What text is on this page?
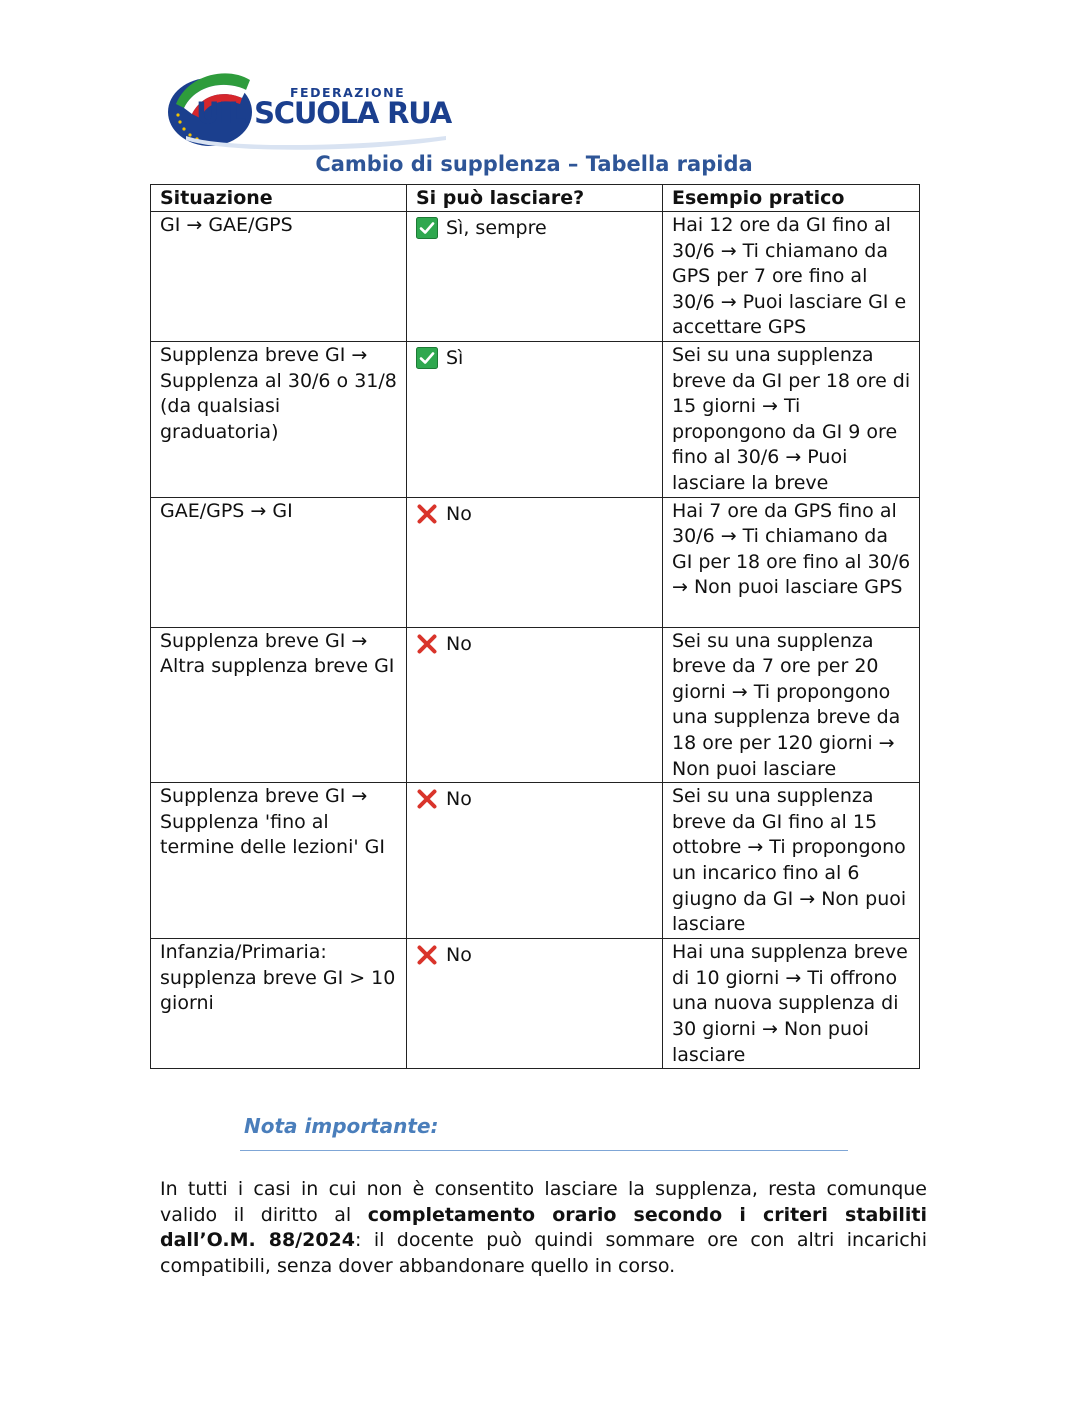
FEDERAZIONE
UIL SCUOLA RUA
Cambio di supplenza – Tabella rapida
Situazione	Si può lasciare?	Esempio pratico
GI → GAE/GPS	Sì, sempre	Hai 12 ore da GI fino al 30/6 → Ti chiamano da GPS per 7 ore fino al 30/6 → Puoi lasciare GI e accettare GPS
Supplenza breve GI → Supplenza al 30/6 o 31/8 (da qualsiasi graduatoria)	Sì	Sei su una supplenza breve da GI per 18 ore di 15 giorni → Ti propongono da GI 9 ore fino al 30/6 → Puoi lasciare la breve
GAE/GPS → GI	No	Hai 7 ore da GPS fino al 30/6 → Ti chiamano da GI per 18 ore fino al 30/6 → Non puoi lasciare GPS
Supplenza breve GI → Altra supplenza breve GI	No	Sei su una supplenza breve da 7 ore per 20 giorni → Ti propongono una supplenza breve da 18 ore per 120 giorni → Non puoi lasciare
Supplenza breve GI → Supplenza 'fino al termine delle lezioni' GI	No	Sei su una supplenza breve da GI fino al 15 ottobre → Ti propongono un incarico fino al 6 giugno da GI → Non puoi lasciare
Infanzia/Primaria: supplenza breve GI > 10 giorni	No	Hai una supplenza breve di 10 giorni → Ti offrono una nuova supplenza di 30 giorni → Non puoi lasciare
Nota importante:

In tutti i casi in cui non è consentito lasciare la supplenza, resta comunque valido il diritto al completamento orario secondo i criteri stabiliti dall’O.M. 88/2024: il docente può quindi sommare ore con altri incarichi compatibili, senza dover abbandonare quello in corso.
